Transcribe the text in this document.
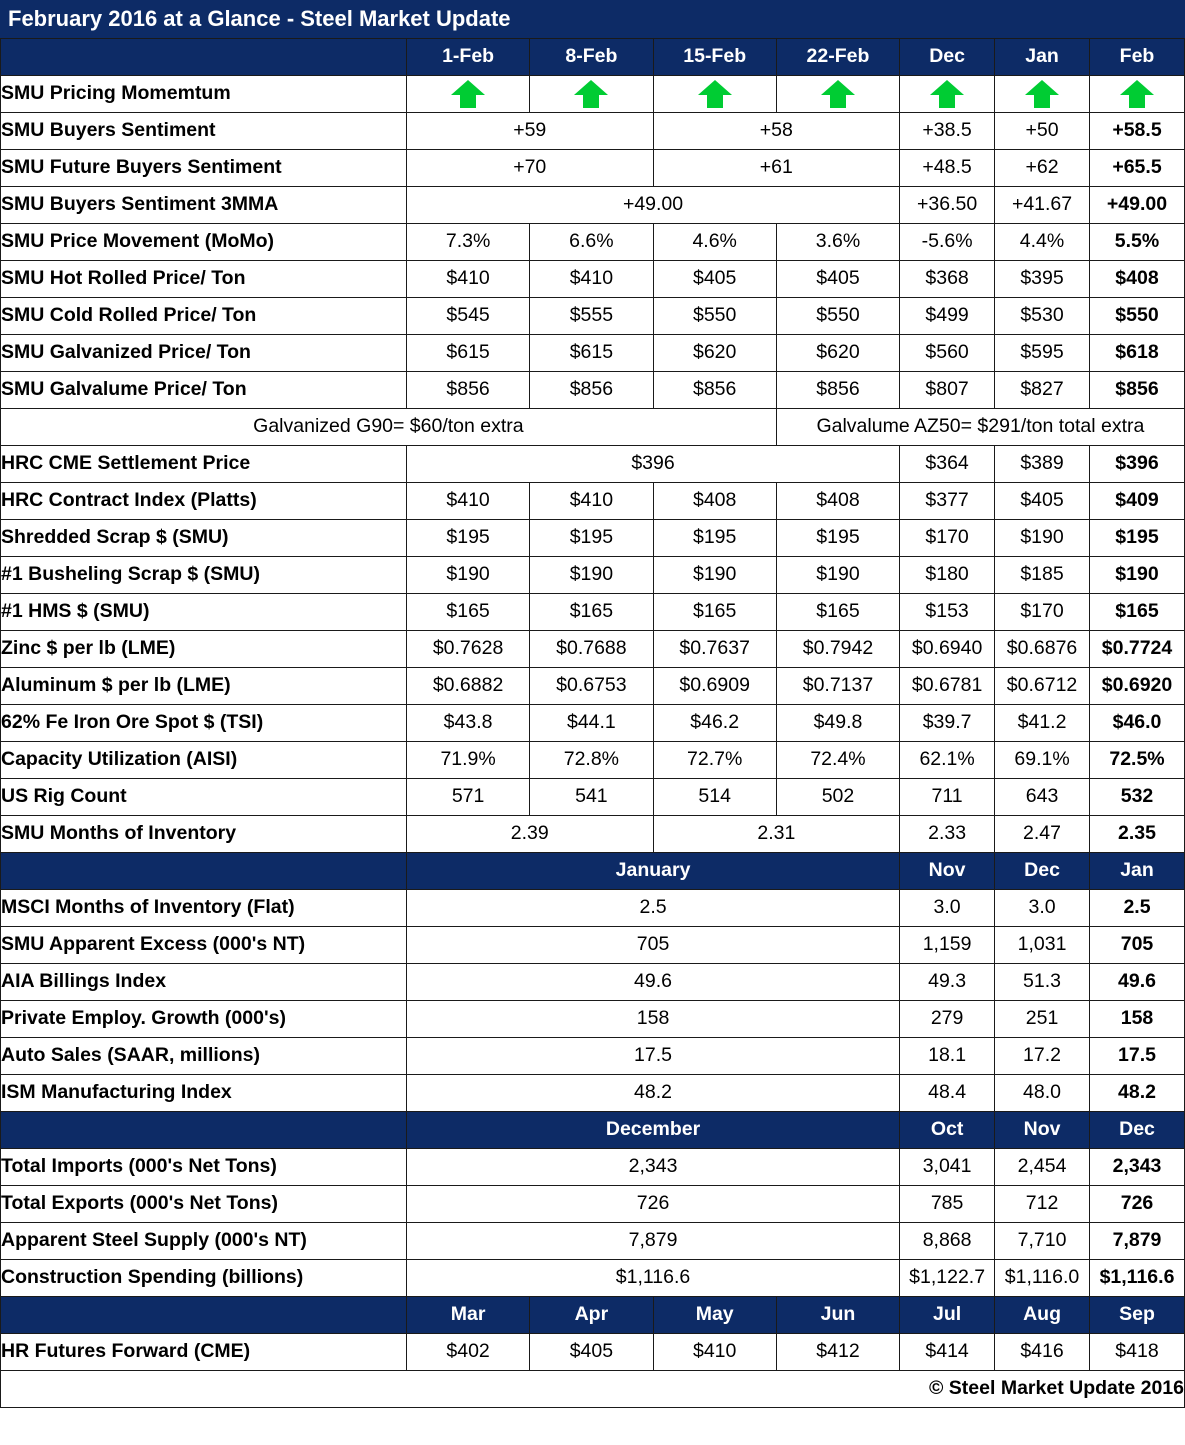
February 2016 at a Glance - Steel Market Update
	1-Feb	8-Feb	15-Feb	22-Feb	Dec	Jan	Feb
SMU Pricing Momemtum							
SMU Buyers Sentiment	+59		+58		+38.5	+50	+58.5
SMU Future Buyers Sentiment	+70		+61		+48.5	+62	+65.5
SMU Buyers Sentiment 3MMA	+49.00				+36.50	+41.67	+49.00
SMU Price Movement (MoMo)	7.3%	6.6%	4.6%	3.6%	-5.6%	4.4%	5.5%
SMU Hot Rolled Price/ Ton	$410	$410	$405	$405	$368	$395	$408
SMU Cold Rolled Price/ Ton	$545	$555	$550	$550	$499	$530	$550
SMU Galvanized Price/ Ton	$615	$615	$620	$620	$560	$595	$618
SMU Galvalume Price/ Ton	$856	$856	$856	$856	$807	$827	$856
Galvanized G90= $60/ton extra				Galvalume AZ50= $291/ton total extra			
HRC CME Settlement Price	$396				$364	$389	$396
HRC Contract Index (Platts)	$410	$410	$408	$408	$377	$405	$409
Shredded Scrap $ (SMU)	$195	$195	$195	$195	$170	$190	$195
#1 Busheling Scrap $ (SMU)	$190	$190	$190	$190	$180	$185	$190
#1 HMS $ (SMU)	$165	$165	$165	$165	$153	$170	$165
Zinc $ per lb (LME)	$0.7628	$0.7688	$0.7637	$0.7942	$0.6940	$0.6876	$0.7724
Aluminum $ per lb (LME)	$0.6882	$0.6753	$0.6909	$0.7137	$0.6781	$0.6712	$0.6920
62% Fe Iron Ore Spot $ (TSI)	$43.8	$44.1	$46.2	$49.8	$39.7	$41.2	$46.0
Capacity Utilization (AISI)	71.9%	72.8%	72.7%	72.4%	62.1%	69.1%	72.5%
US Rig Count	571	541	514	502	711	643	532
SMU Months of Inventory	2.39		2.31		2.33	2.47	2.35
	January				Nov	Dec	Jan
MSCI Months of Inventory (Flat)	2.5				3.0	3.0	2.5
SMU Apparent Excess (000's NT)	705				1,159	1,031	705
AIA Billings Index	49.6				49.3	51.3	49.6
Private Employ. Growth (000's)	158				279	251	158
Auto Sales (SAAR, millions)	17.5				18.1	17.2	17.5
ISM Manufacturing Index	48.2				48.4	48.0	48.2
	December				Oct	Nov	Dec
Total Imports (000's Net Tons)	2,343				3,041	2,454	2,343
Total Exports (000's Net Tons)	726				785	712	726
Apparent Steel Supply (000's NT)	7,879				8,868	7,710	7,879
Construction Spending (billions)	$1,116.6				$1,122.7	$1,116.0	$1,116.6
	Mar	Apr	May	Jun	Jul	Aug	Sep
HR Futures Forward (CME)	$402	$405	$410	$412	$414	$416	$418
© Steel Market Update 2016							
